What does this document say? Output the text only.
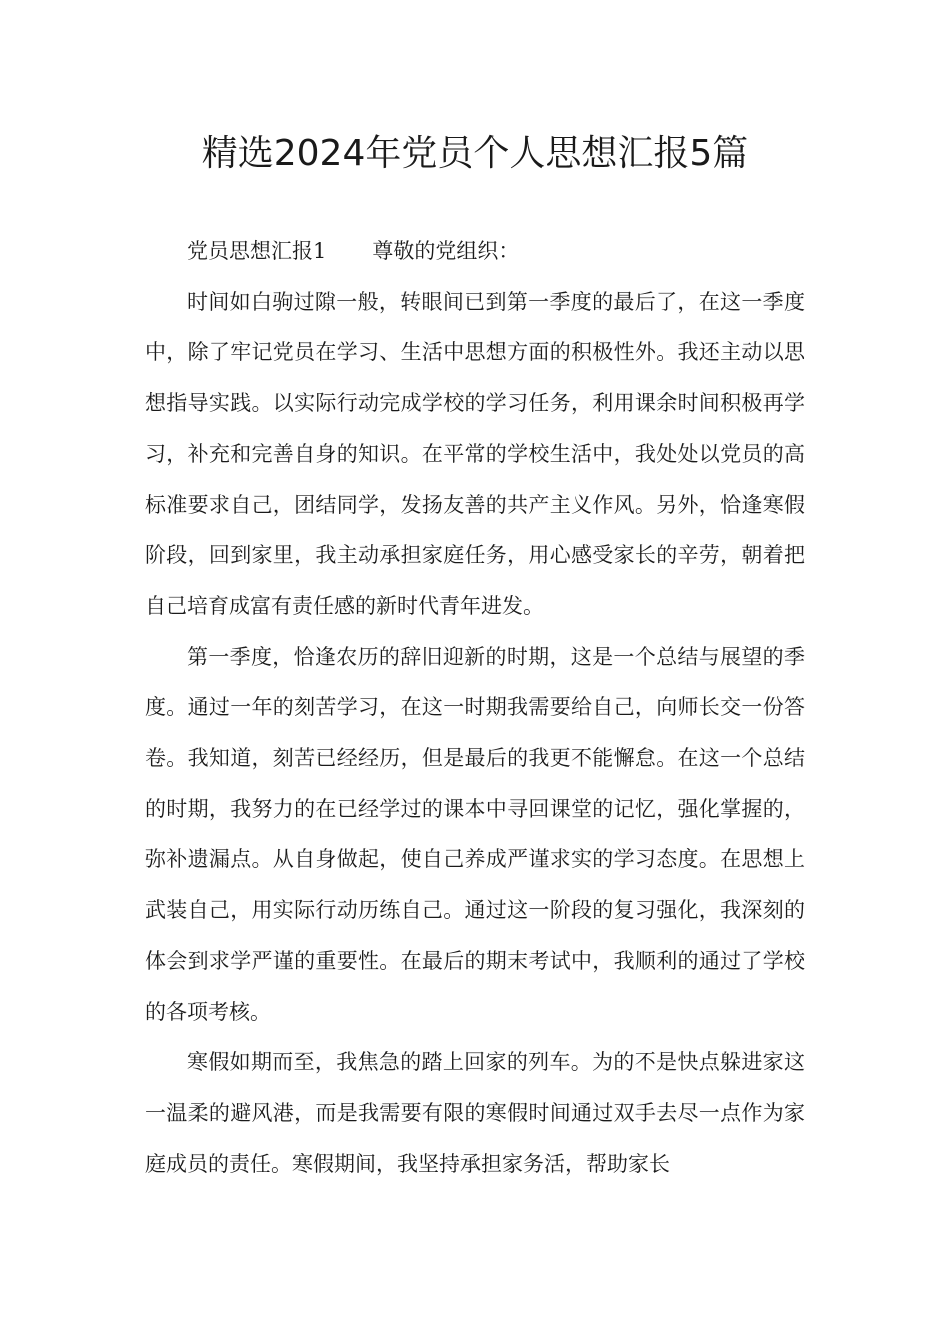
精选2024年党员个人思想汇报5篇

党员思想汇报1 尊敬的党组织：

时间如白驹过隙一般，转眼间已到第一季度的最后了，在这一季度中，除了牢记党员在学习、生活中思想方面的积极性外。我还主动以思想指导实践。以实际行动完成学校的学习任务，利用课余时间积极再学习，补充和完善自身的知识。在平常的学校生活中，我处处以党员的高标准要求自己，团结同学，发扬友善的共产主义作风。另外，恰逢寒假阶段，回到家里，我主动承担家庭任务，用心感受家长的辛劳，朝着把自己培育成富有责任感的新时代青年进发。

第一季度，恰逢农历的辞旧迎新的时期，这是一个总结与展望的季度。通过一年的刻苦学习，在这一时期我需要给自己，向师长交一份答卷。我知道，刻苦已经经历，但是最后的我更不能懈怠。在这一个总结的时期，我努力的在已经学过的课本中寻回课堂的记忆，强化掌握的，弥补遗漏点。从自身做起，使自己养成严谨求实的学习态度。在思想上武装自己，用实际行动历练自己。通过这一阶段的复习强化，我深刻的体会到求学严谨的重要性。在最后的期末考试中，我顺利的通过了学校的各项考核。

寒假如期而至，我焦急的踏上回家的列车。为的不是快点躲进家这一温柔的避风港，而是我需要有限的寒假时间通过双手去尽一点作为家庭成员的责任。寒假期间，我坚持承担家务活，帮助家长
